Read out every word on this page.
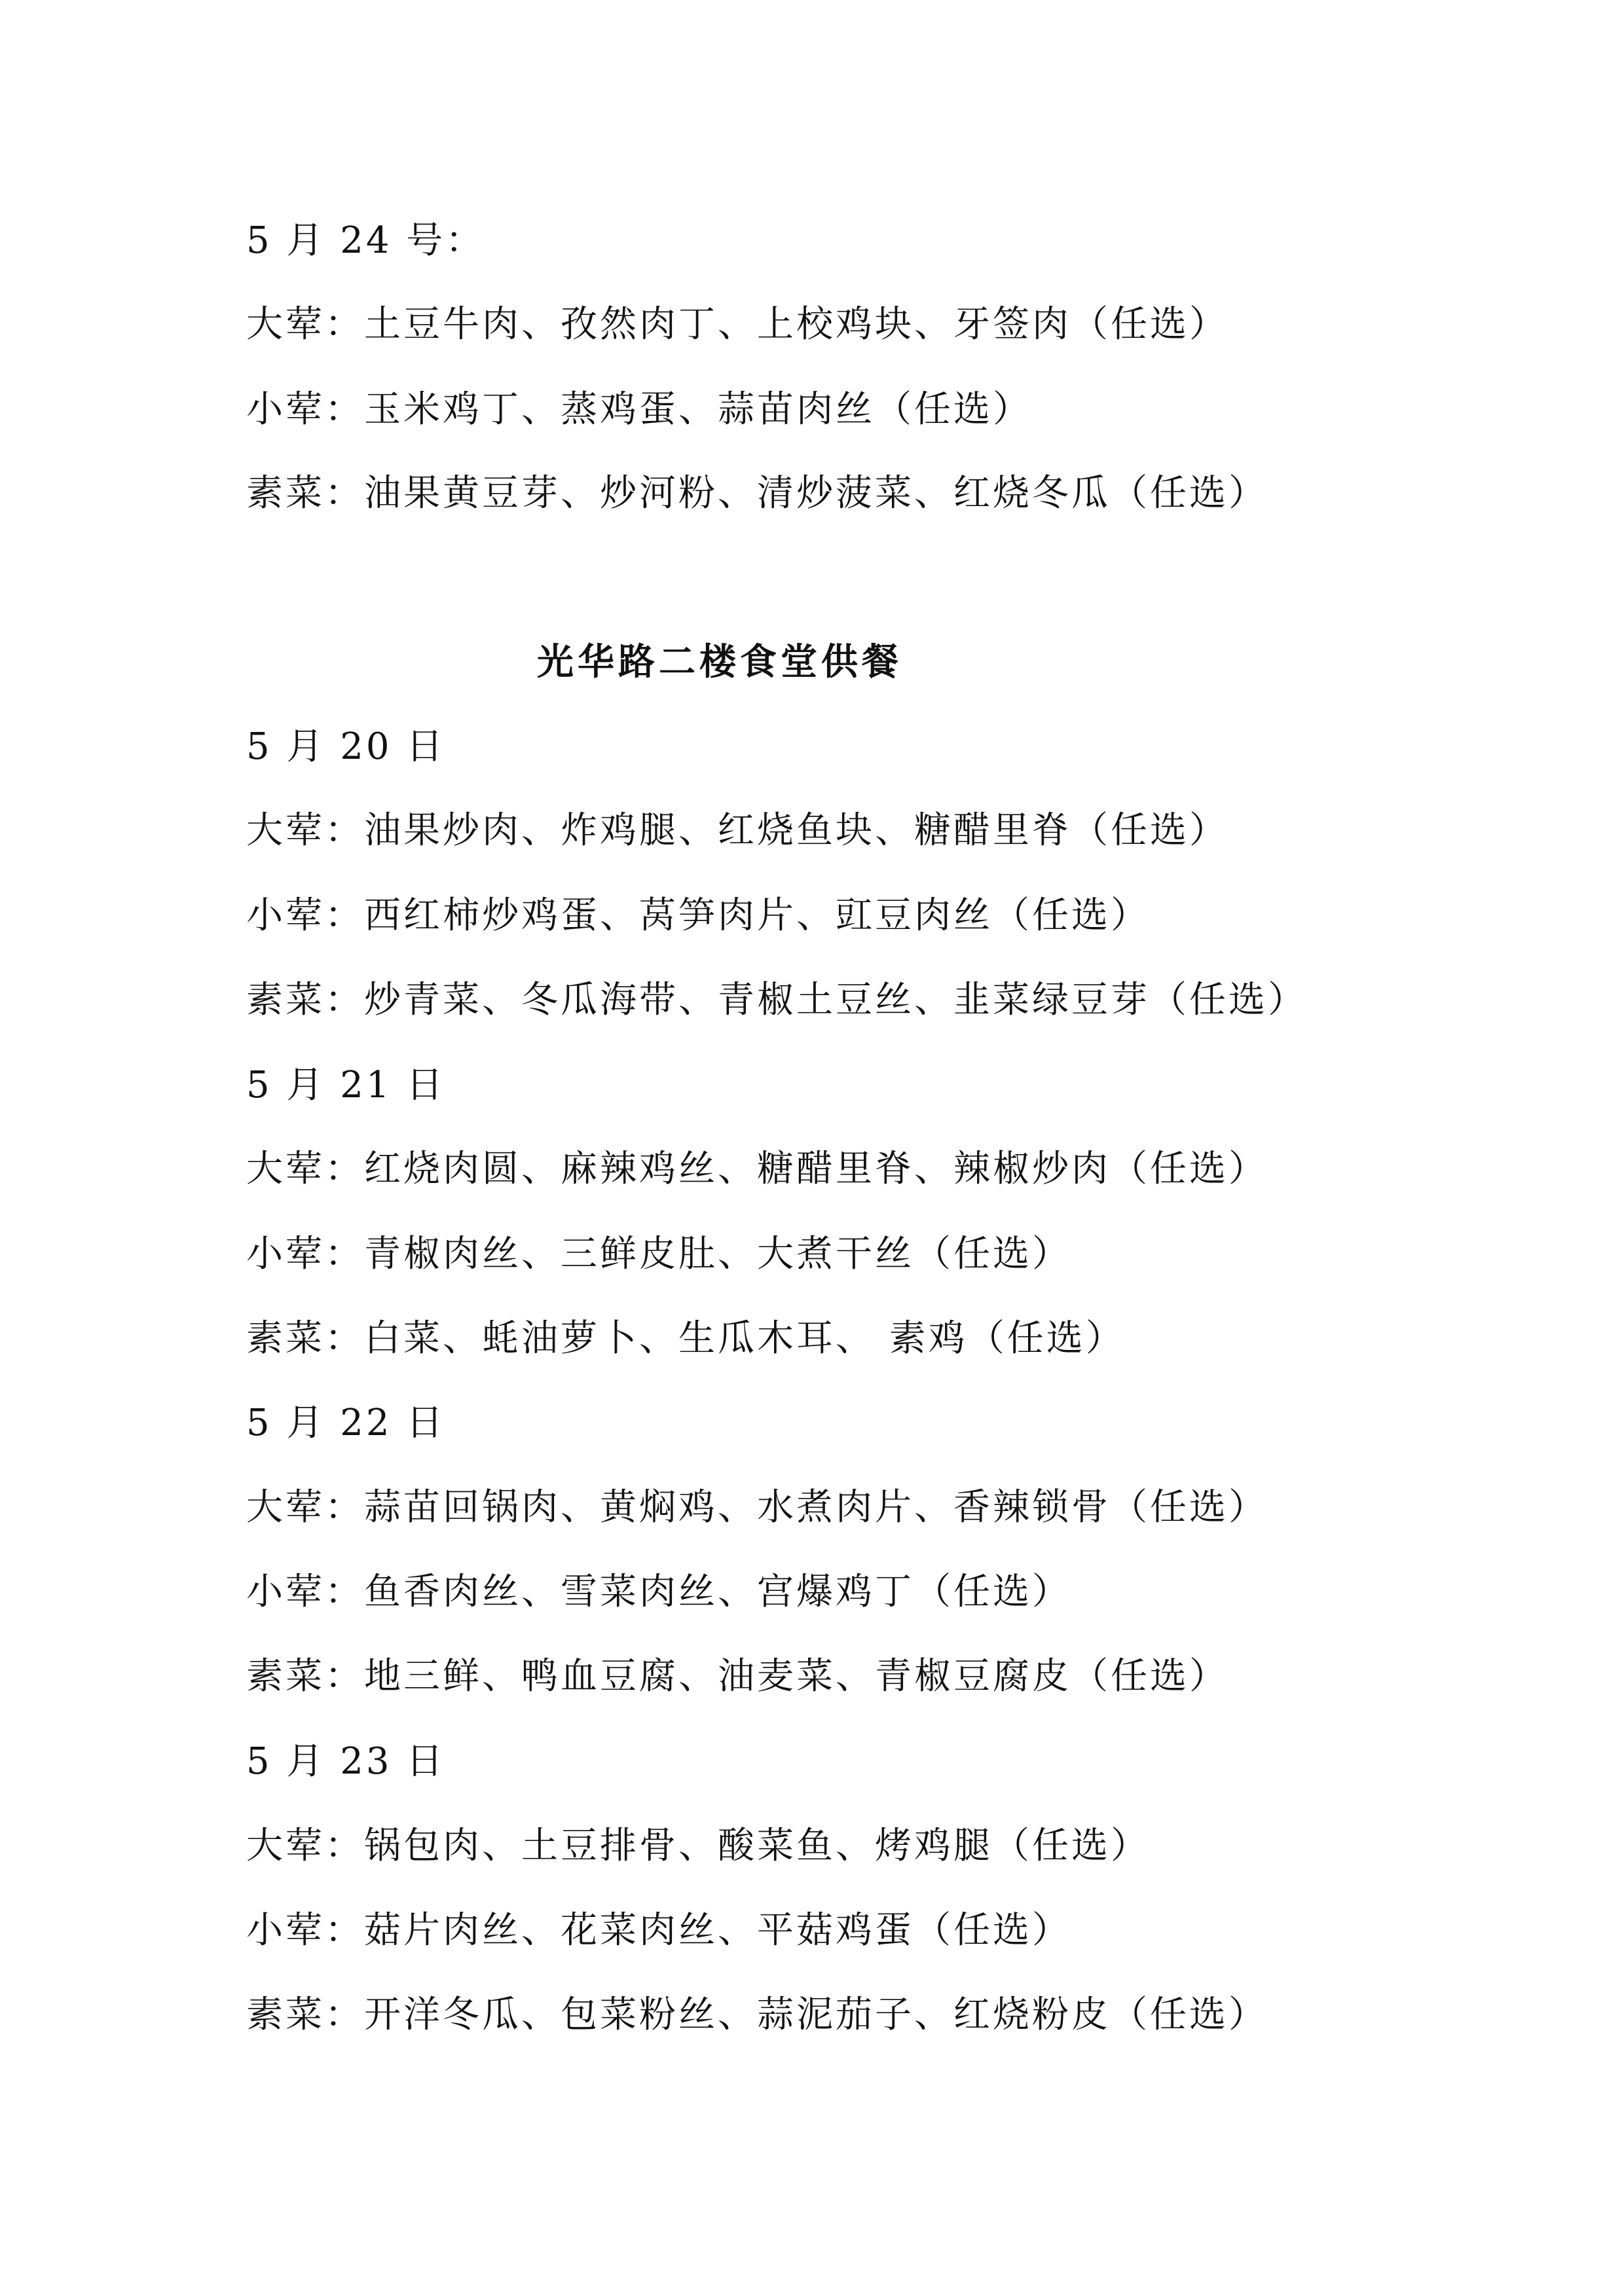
5 月 24 号：
大荤：土豆牛肉、孜然肉丁、上校鸡块、牙签肉（任选）
小荤：玉米鸡丁、蒸鸡蛋、蒜苗肉丝（任选）
素菜：油果黄豆芽、炒河粉、清炒菠菜、红烧冬瓜（任选）
光华路二楼食堂供餐
5 月 20 日
大荤：油果炒肉、炸鸡腿、红烧鱼块、糖醋里脊（任选）
小荤：西红柿炒鸡蛋、莴笋肉片、豇豆肉丝（任选）
素菜：炒青菜、冬瓜海带、青椒土豆丝、韭菜绿豆芽（任选）
5 月 21 日
大荤：红烧肉圆、麻辣鸡丝、糖醋里脊、辣椒炒肉（任选）
小荤：青椒肉丝、三鲜皮肚、大煮干丝（任选）
素菜：白菜、蚝油萝卜、生瓜木耳、 素鸡（任选）
5 月 22 日
大荤：蒜苗回锅肉、黄焖鸡、水煮肉片、香辣锁骨（任选）
小荤：鱼香肉丝、雪菜肉丝、宫爆鸡丁（任选）
素菜：地三鲜、鸭血豆腐、油麦菜、青椒豆腐皮（任选）
5 月 23 日
大荤：锅包肉、土豆排骨、酸菜鱼、烤鸡腿（任选）
小荤：菇片肉丝、花菜肉丝、平菇鸡蛋（任选）
素菜：开洋冬瓜、包菜粉丝、蒜泥茄子、红烧粉皮（任选）
